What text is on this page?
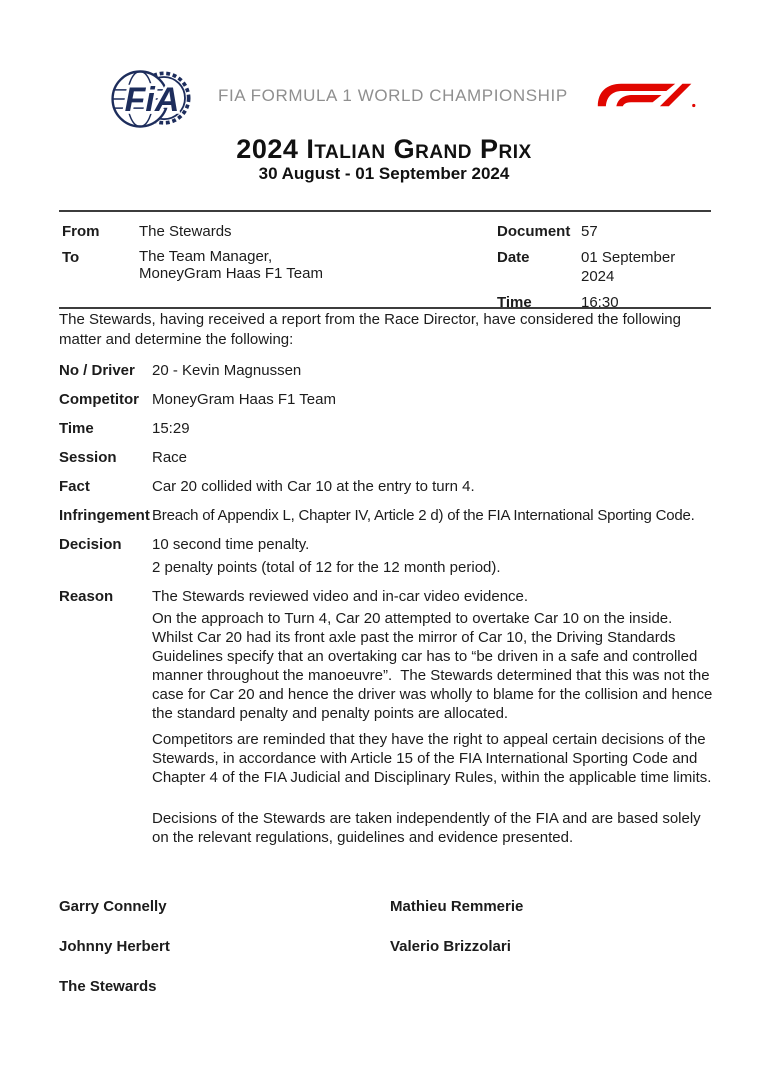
FiA FIA FORMULA 1 WORLD CHAMPIONSHIP
2024 Italian Grand Prix
30 August - 01 September 2024
From	The Stewards
To	The Team Manager,
MoneyGram Haas F1 Team
Document 57
Date	01 September 2024
Time	16:30

The Stewards, having received a report from the Race Director, have considered the following matter and determine the following:

No / Driver	20 - Kevin Magnussen
Competitor MoneyGram Haas F1 Team
Time	15:29
Session	Race
Fact	Car 20 collided with Car 10 at the entry to turn 4.
Infringement Breach of Appendix L, Chapter IV, Article 2 d) of the FIA International Sporting Code.
Decision	10 second time penalty.
2 penalty points (total of 12 for the 12 month period).
Reason	The Stewards reviewed video and in-car video evidence.
On the approach to Turn 4, Car 20 attempted to overtake Car 10 on the inside.  Whilst Car 20 had its front axle past the mirror of Car 10, the Driving Standards Guidelines specify that an overtaking car has to “be driven in a safe and controlled manner throughout the manoeuvre”.  The Stewards determined that this was not the case for Car 20 and hence the driver was wholly to blame for the collision and hence the standard penalty and penalty points are allocated.
Competitors are reminded that they have the right to appeal certain decisions of the Stewards, in accordance with Article 15 of the FIA International Sporting Code and Chapter 4 of the FIA Judicial and Disciplinary Rules, within the applicable time limits.
Decisions of the Stewards are taken independently of the FIA and are based solely on the relevant regulations, guidelines and evidence presented.
Garry Connelly	Mathieu Remmerie
Johnny Herbert	Valerio Brizzolari
The Stewards
